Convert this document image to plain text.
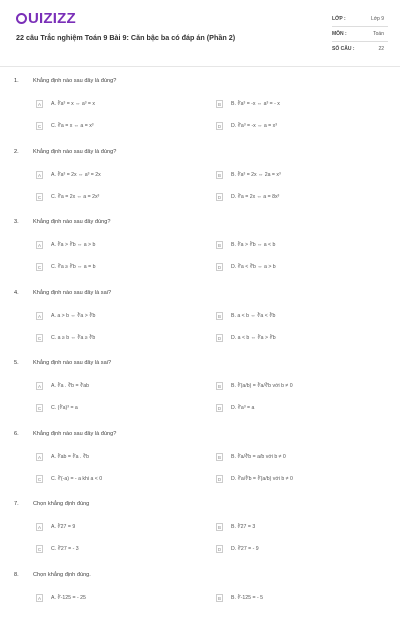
UIZIZZ
22 câu Trắc nghiệm Toán 9 Bài 9: Căn bậc ba có đáp án (Phần 2)
LỚP :	Lớp 9
MÔN :	Toán
SỐ CÂU :	22
1.	Khẳng định nào sau đây là đúng?
A	A. ∛a³ = x ⇔ a³ = x	B	B. ∛a³ = -x ⇔ a³ = - x
C	C. ∛a = x ⇔ a = x³	D	D. ∛a³ = -x ⇔ a = x³
2.	Khẳng định nào sau đây là đúng?
A	A. ∛a³ = 2x ⇔ a³ = 2x	B	B. ∛a³ = 2x ⇔ 2a = x³
C	C. ∛a = 2x ⇔ a = 2x³	D	D. ∛a = 2x ⇔ a = 8x³
3.	Khẳng định nào sau đây đúng?
A	A. ∛a > ∛b ⇔ a > b	B	B. ∛a > ∛b ⇔ a < b
C	C. ∛a ≥ ∛b ⇔ a = b	D	D. ∛a < ∛b ⇔ a > b
4.	Khẳng định nào sau đây là sai?
A	A. a > b ⇔ ∛a > ∛b	B	B. a < b ⇔ ∛a < ∛b
C	C. a ≥ b ⇔ ∛a ≥ ∛b	D	D. a < b ⇔ ∛a > ∛b
5.	Khẳng định nào sau đây là sai?
A	A. ∛a . ∛b = ∛ab	B	B. ∛(a/b) = ∛a/∛b với b ≠ 0
C	C. (∛a)³ = a	D	D. ∛a³ = a
6.	Khẳng định nào sau đây là đúng?
A	A. ∛ab = ∛a . ∛b	B	B. ∛a/∛b = a/b với b ≠ 0
C	C. ∛(-a) = - a khi a < 0	D	D. ∛a/∛b = ∛(a/b) với b ≠ 0
7.	Chọn khẳng định đúng
A	A. ∛27 = 9	B	B. ∛27 = 3
C	C. ∛27 = - 3	D	D. ∛27 = - 9
8.	Chọn khẳng định đúng.
A	A. ∛-125 = - 25	B	B. ∛-125 = - 5
